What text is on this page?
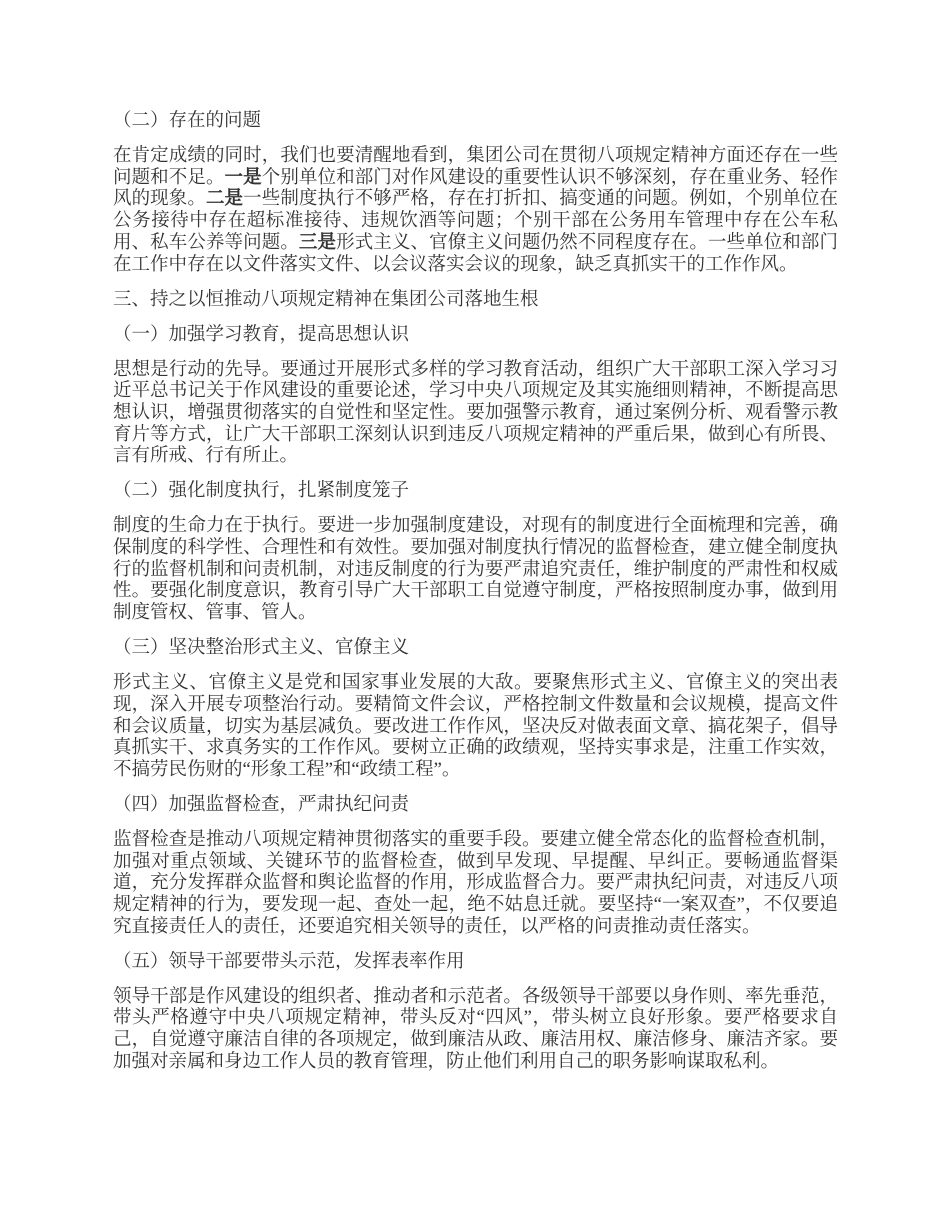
（二）存在的问题

在肯定成绩的同时，我们也要清醒地看到，集团公司在贯彻八项规定精神方面还存在一些问题和不足。一是个别单位和部门对作风建设的重要性认识不够深刻，存在重业务、轻作风的现象。二是一些制度执行不够严格，存在打折扣、搞变通的问题。例如，个别单位在公务接待中存在超标准接待、违规饮酒等问题；个别干部在公务用车管理中存在公车私用、私车公养等问题。三是形式主义、官僚主义问题仍然不同程度存在。一些单位和部门在工作中存在以文件落实文件、以会议落实会议的现象，缺乏真抓实干的工作作风。

三、持之以恒推动八项规定精神在集团公司落地生根

（一）加强学习教育，提高思想认识

思想是行动的先导。要通过开展形式多样的学习教育活动，组织广大干部职工深入学习习近平总书记关于作风建设的重要论述，学习中央八项规定及其实施细则精神，不断提高思想认识，增强贯彻落实的自觉性和坚定性。要加强警示教育，通过案例分析、观看警示教育片等方式，让广大干部职工深刻认识到违反八项规定精神的严重后果，做到心有所畏、言有所戒、行有所止。

（二）强化制度执行，扎紧制度笼子

制度的生命力在于执行。要进一步加强制度建设，对现有的制度进行全面梳理和完善，确保制度的科学性、合理性和有效性。要加强对制度执行情况的监督检查，建立健全制度执行的监督机制和问责机制，对违反制度的行为要严肃追究责任，维护制度的严肃性和权威性。要强化制度意识，教育引导广大干部职工自觉遵守制度，严格按照制度办事，做到用制度管权、管事、管人。

（三）坚决整治形式主义、官僚主义

形式主义、官僚主义是党和国家事业发展的大敌。要聚焦形式主义、官僚主义的突出表现，深入开展专项整治行动。要精简文件会议，严格控制文件数量和会议规模，提高文件和会议质量，切实为基层减负。要改进工作作风，坚决反对做表面文章、搞花架子，倡导真抓实干、求真务实的工作作风。要树立正确的政绩观，坚持实事求是，注重工作实效，不搞劳民伤财的“形象工程”和“政绩工程”。

（四）加强监督检查，严肃执纪问责

监督检查是推动八项规定精神贯彻落实的重要手段。要建立健全常态化的监督检查机制，加强对重点领域、关键环节的监督检查，做到早发现、早提醒、早纠正。要畅通监督渠道，充分发挥群众监督和舆论监督的作用，形成监督合力。要严肃执纪问责，对违反八项规定精神的行为，要发现一起、查处一起，绝不姑息迁就。要坚持“一案双查”，不仅要追究直接责任人的责任，还要追究相关领导的责任，以严格的问责推动责任落实。

（五）领导干部要带头示范，发挥表率作用

领导干部是作风建设的组织者、推动者和示范者。各级领导干部要以身作则、率先垂范，带头严格遵守中央八项规定精神，带头反对“四风”，带头树立良好形象。要严格要求自己，自觉遵守廉洁自律的各项规定，做到廉洁从政、廉洁用权、廉洁修身、廉洁齐家。要加强对亲属和身边工作人员的教育管理，防止他们利用自己的职务影响谋取私利。
